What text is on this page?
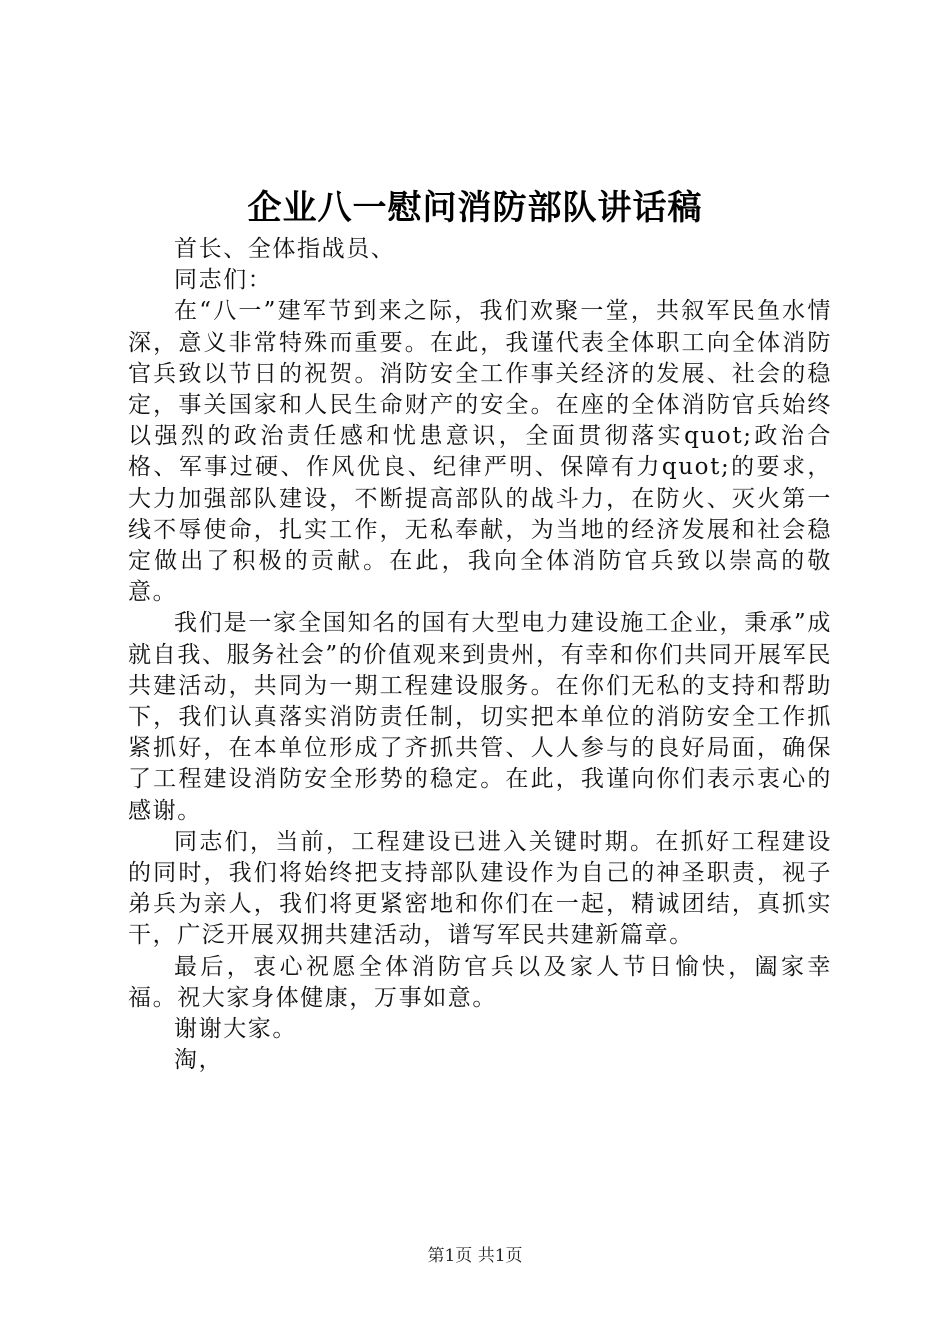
企业八一慰问消防部队讲话稿

首长、全体指战员、

同志们：

在“八一”建军节到来之际，我们欢聚一堂，共叙军民鱼水情深，意义非常特殊而重要。在此，我谨代表全体职工向全体消防官兵致以节日的祝贺。消防安全工作事关经济的发展、社会的稳定，事关国家和人民生命财产的安全。在座的全体消防官兵始终以强烈的政治责任感和忧患意识，全面贯彻落实quot;政治合格、军事过硬、作风优良、纪律严明、保障有力quot;的要求，大力加强部队建设，不断提高部队的战斗力，在防火、灭火第一线不辱使命，扎实工作，无私奉献，为当地的经济发展和社会稳定做出了积极的贡献。在此，我向全体消防官兵致以崇高的敬意。

我们是一家全国知名的国有大型电力建设施工企业，秉承”成就自我、服务社会”的价值观来到贵州，有幸和你们共同开展军民共建活动，共同为一期工程建设服务。在你们无私的支持和帮助下，我们认真落实消防责任制，切实把本单位的消防安全工作抓紧抓好，在本单位形成了齐抓共管、人人参与的良好局面，确保了工程建设消防安全形势的稳定。在此，我谨向你们表示衷心的感谢。

同志们，当前，工程建设已进入关键时期。在抓好工程建设的同时，我们将始终把支持部队建设作为自己的神圣职责，视子弟兵为亲人，我们将更紧密地和你们在一起，精诚团结，真抓实干，广泛开展双拥共建活动，谱写军民共建新篇章。

最后，衷心祝愿全体消防官兵以及家人节日愉快，阖家幸福。祝大家身体健康，万事如意。

谢谢大家。

淘，

第1页 共1页
